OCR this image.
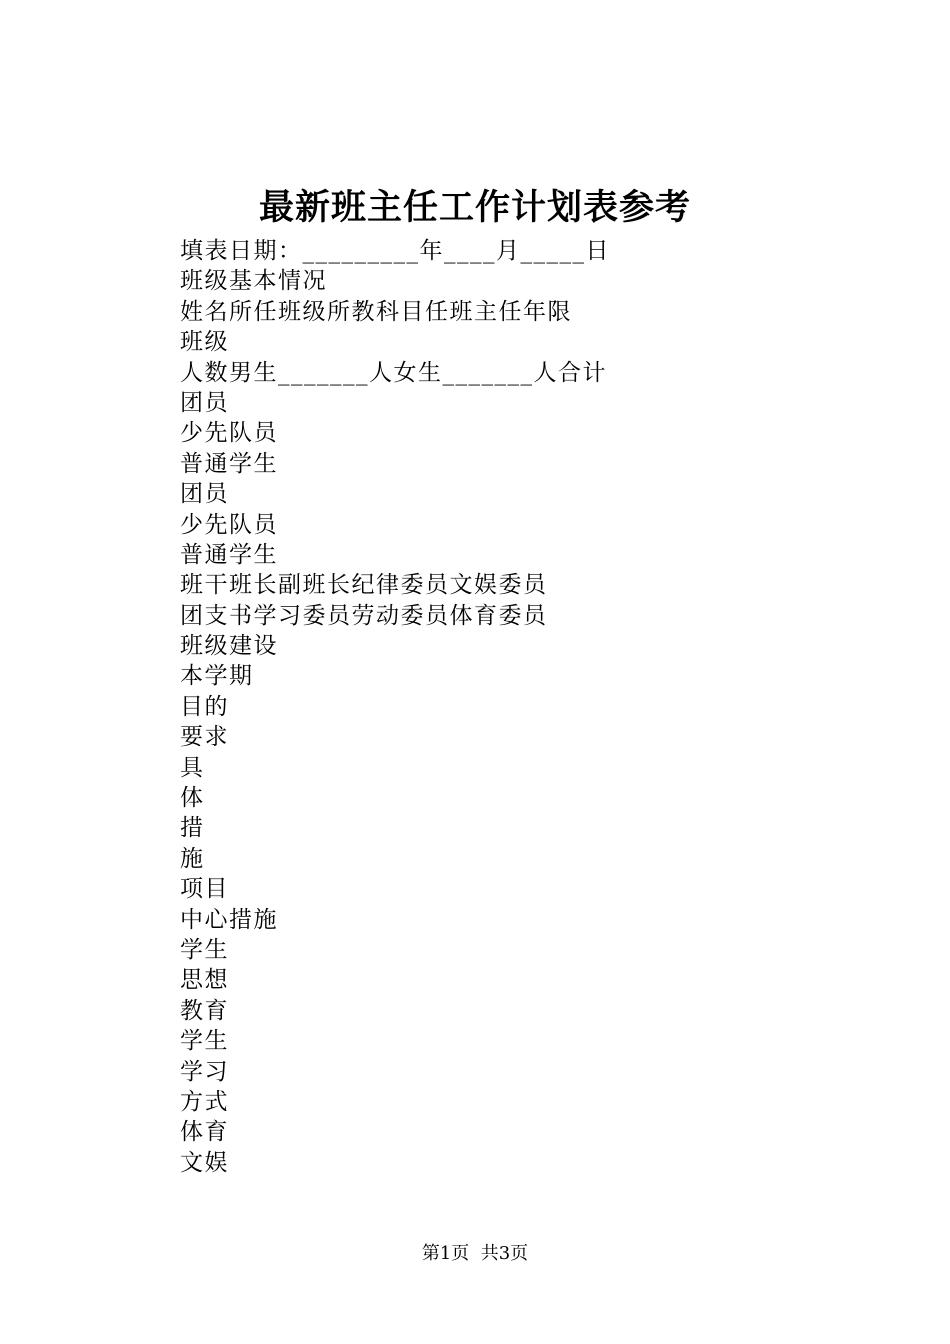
最新班主任工作计划表参考
填表日期：_________年____月_____日
班级基本情况
姓名所任班级所教科目任班主任年限
班级
人数男生_______人女生_______人合计
团员
少先队员
普通学生
团员
少先队员
普通学生
班干班长副班长纪律委员文娱委员
团支书学习委员劳动委员体育委员
班级建设
本学期
目的
要求
具
体
措
施
项目
中心措施
学生
思想
教育
学生
学习
方式
体育
文娱
第1页  共3页
